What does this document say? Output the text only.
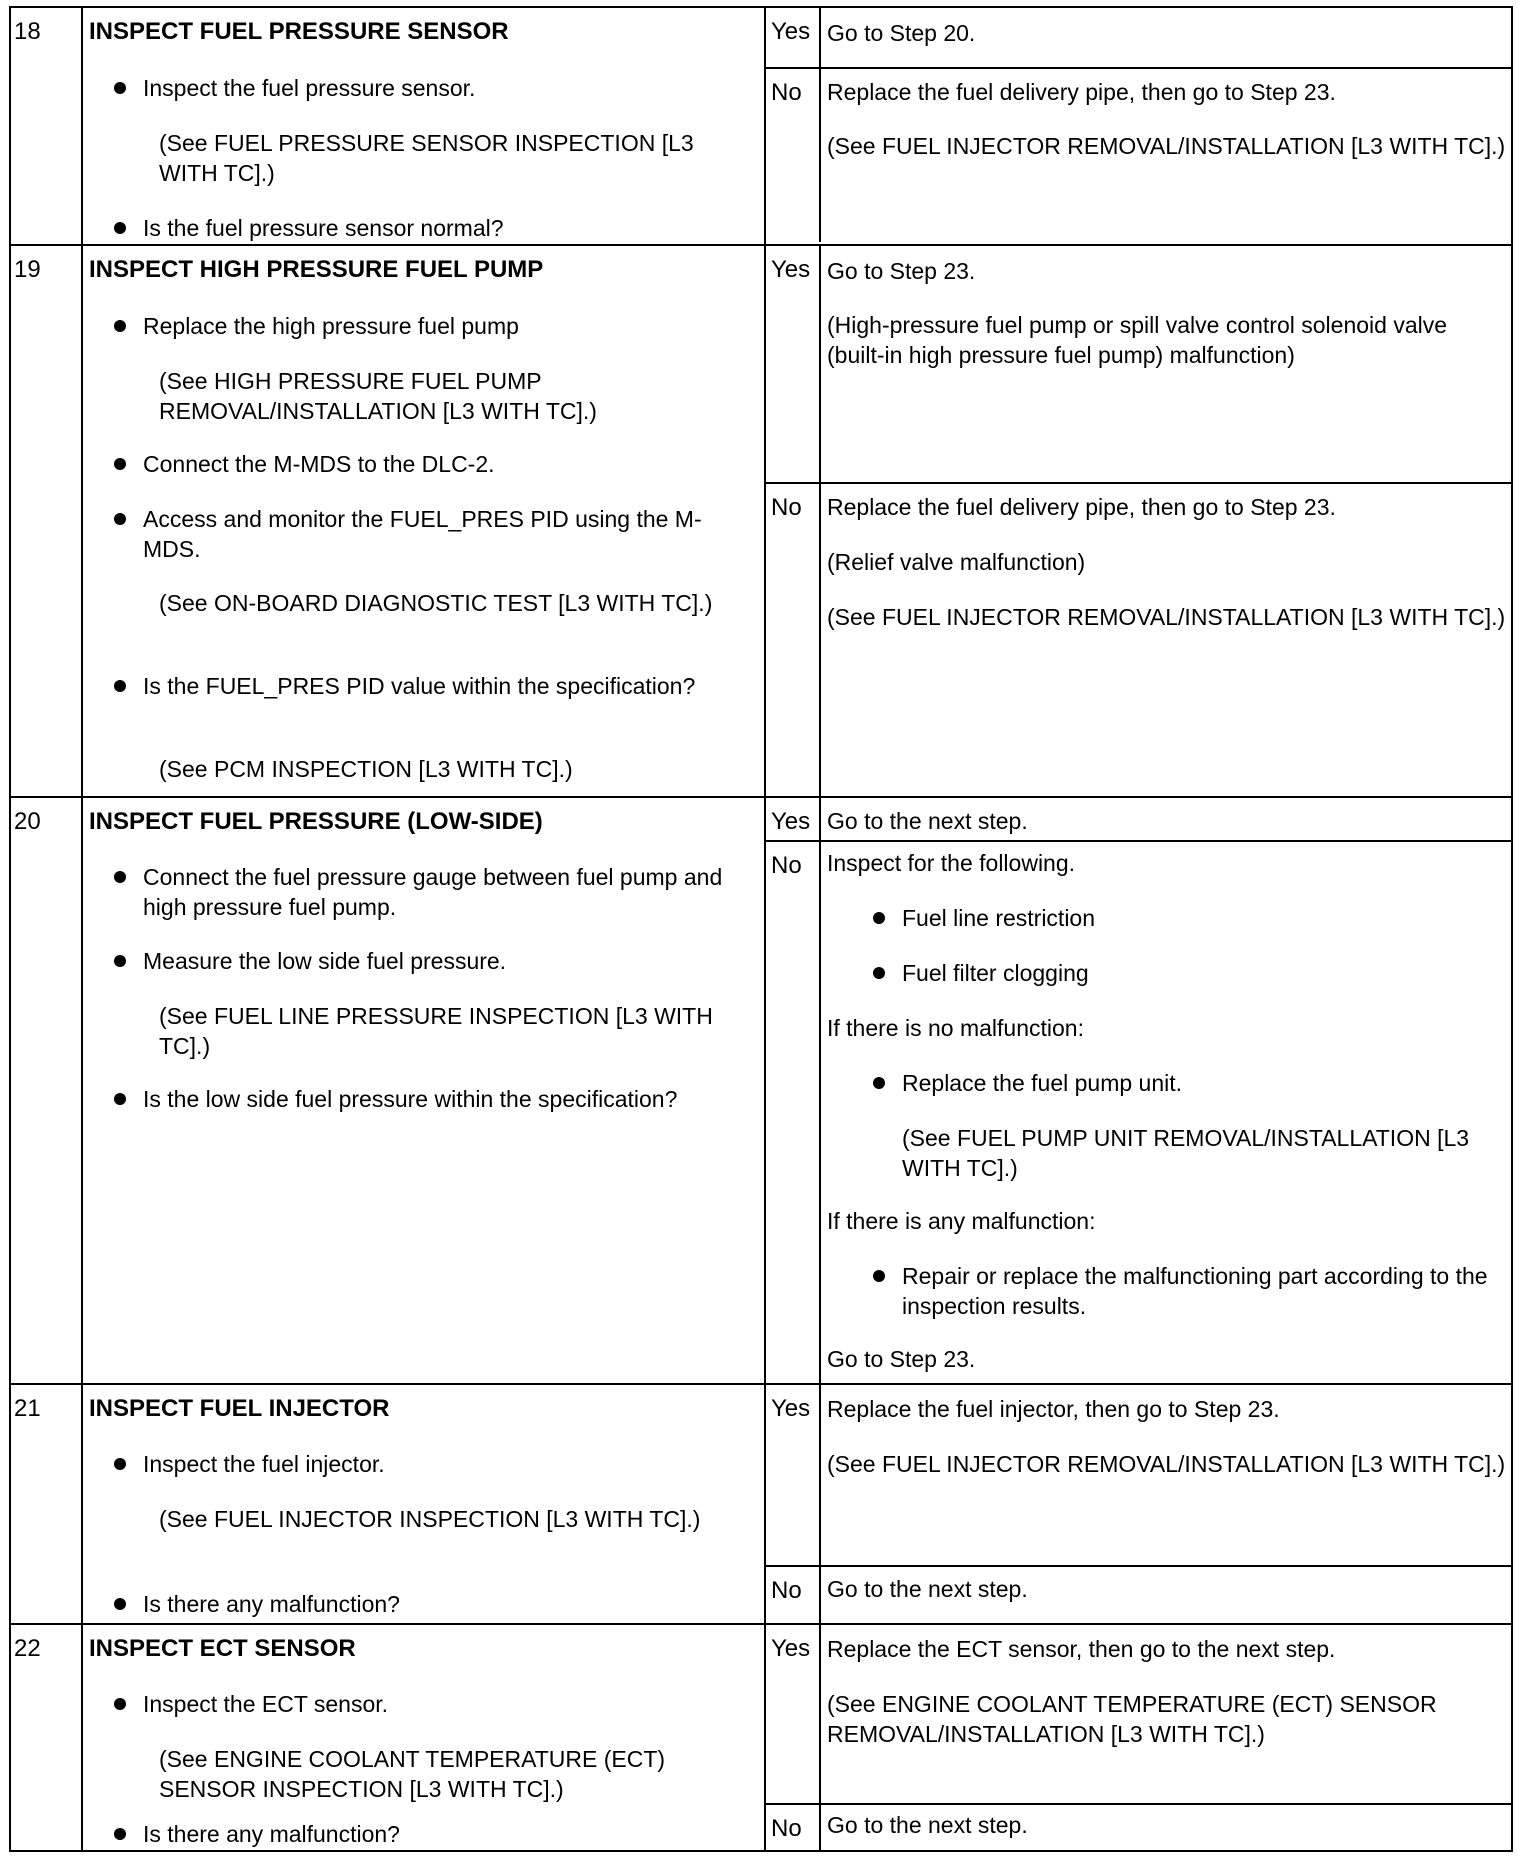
18 INSPECT FUEL PRESSURE SENSOR
Inspect the fuel pressure sensor.
(See FUEL PRESSURE SENSOR INSPECTION [L3 WITH TC].)
Is the fuel pressure sensor normal?
Yes Go to Step 20.
No Replace the fuel delivery pipe, then go to Step 23.
(See FUEL INJECTOR REMOVAL/INSTALLATION [L3 WITH TC].)
19 INSPECT HIGH PRESSURE FUEL PUMP
Replace the high pressure fuel pump
(See HIGH PRESSURE FUEL PUMP REMOVAL/INSTALLATION [L3 WITH TC].)
Connect the M-MDS to the DLC-2.
Access and monitor the FUEL_PRES PID using the M-MDS.
(See ON-BOARD DIAGNOSTIC TEST [L3 WITH TC].)
Is the FUEL_PRES PID value within the specification?
(See PCM INSPECTION [L3 WITH TC].)
Yes Go to Step 23.
(High-pressure fuel pump or spill valve control solenoid valve (built-in high pressure fuel pump) malfunction)
No Replace the fuel delivery pipe, then go to Step 23.
(Relief valve malfunction)
(See FUEL INJECTOR REMOVAL/INSTALLATION [L3 WITH TC].)
20 INSPECT FUEL PRESSURE (LOW-SIDE)
Connect the fuel pressure gauge between fuel pump and high pressure fuel pump.
Measure the low side fuel pressure.
(See FUEL LINE PRESSURE INSPECTION [L3 WITH TC].)
Is the low side fuel pressure within the specification?
Yes Go to the next step.
No Inspect for the following.
Fuel line restriction
Fuel filter clogging
If there is no malfunction:
Replace the fuel pump unit.
(See FUEL PUMP UNIT REMOVAL/INSTALLATION [L3 WITH TC].)
If there is any malfunction:
Repair or replace the malfunctioning part according to the inspection results.
Go to Step 23.
21 INSPECT FUEL INJECTOR
Inspect the fuel injector.
(See FUEL INJECTOR INSPECTION [L3 WITH TC].)
Is there any malfunction?
Yes Replace the fuel injector, then go to Step 23.
(See FUEL INJECTOR REMOVAL/INSTALLATION [L3 WITH TC].)
No Go to the next step.
22 INSPECT ECT SENSOR
Inspect the ECT sensor.
(See ENGINE COOLANT TEMPERATURE (ECT) SENSOR INSPECTION [L3 WITH TC].)
Is there any malfunction?
Yes Replace the ECT sensor, then go to the next step.
(See ENGINE COOLANT TEMPERATURE (ECT) SENSOR REMOVAL/INSTALLATION [L3 WITH TC].)
No Go to the next step.
